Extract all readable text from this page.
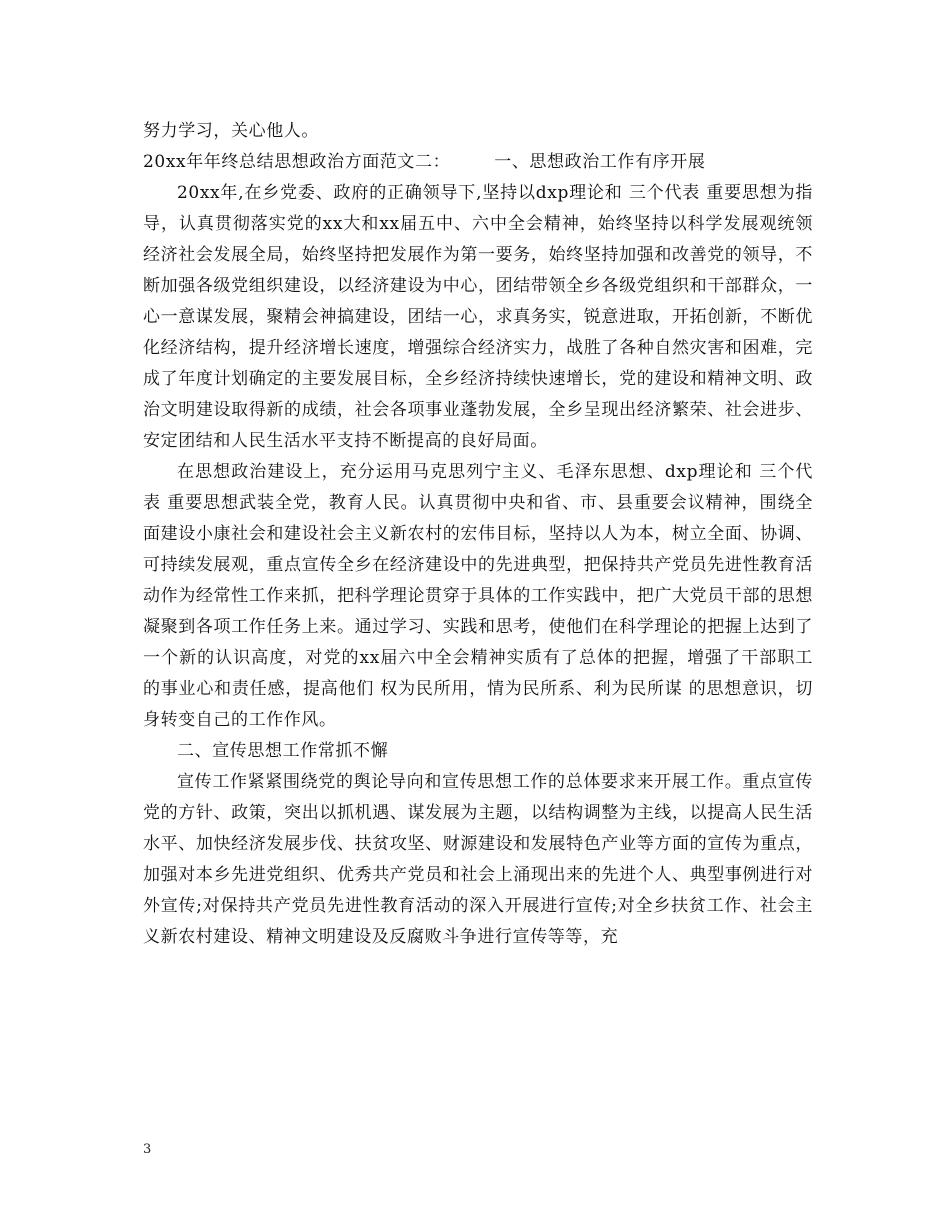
努力学习，关心他人。
20xx年年终总结思想政治方面范文二：	一、思想政治工作有序开展

20xx年,在乡党委、政府的正确领导下,坚持以dxp理论和 三个代表 重要思想为指导，认真贯彻落实党的xx大和xx届五中、六中全会精神，始终坚持以科学发展观统领经济社会发展全局，始终坚持把发展作为第一要务，始终坚持加强和改善党的领导，不断加强各级党组织建设，以经济建设为中心，团结带领全乡各级党组织和干部群众，一心一意谋发展，聚精会神搞建设，团结一心，求真务实，锐意进取，开拓创新，不断优化经济结构，提升经济增长速度，增强综合经济实力，战胜了各种自然灾害和困难，完成了年度计划确定的主要发展目标，全乡经济持续快速增长，党的建设和精神文明、政治文明建设取得新的成绩，社会各项事业蓬勃发展，全乡呈现出经济繁荣、社会进步、安定团结和人民生活水平支持不断提高的良好局面。

在思想政治建设上，充分运用马克思列宁主义、毛泽东思想、dxp理论和 三个代表 重要思想武装全党，教育人民。认真贯彻中央和省、市、县重要会议精神，围绕全面建设小康社会和建设社会主义新农村的宏伟目标，坚持以人为本，树立全面、协调、可持续发展观，重点宣传全乡在经济建设中的先进典型，把保持共产党员先进性教育活动作为经常性工作来抓，把科学理论贯穿于具体的工作实践中，把广大党员干部的思想凝聚到各项工作任务上来。通过学习、实践和思考，使他们在科学理论的把握上达到了一个新的认识高度，对党的xx届六中全会精神实质有了总体的把握，增强了干部职工的事业心和责任感，提高他们 权为民所用，情为民所系、利为民所谋 的思想意识，切身转变自己的工作作风。

二、宣传思想工作常抓不懈

宣传工作紧紧围绕党的舆论导向和宣传思想工作的总体要求来开展工作。重点宣传党的方针、政策，突出以抓机遇、谋发展为主题，以结构调整为主线，以提高人民生活水平、加快经济发展步伐、扶贫攻坚、财源建设和发展特色产业等方面的宣传为重点，加强对本乡先进党组织、优秀共产党员和社会上涌现出来的先进个人、典型事例进行对外宣传;对保持共产党员先进性教育活动的深入开展进行宣传;对全乡扶贫工作、社会主义新农村建设、精神文明建设及反腐败斗争进行宣传等等，充

3
